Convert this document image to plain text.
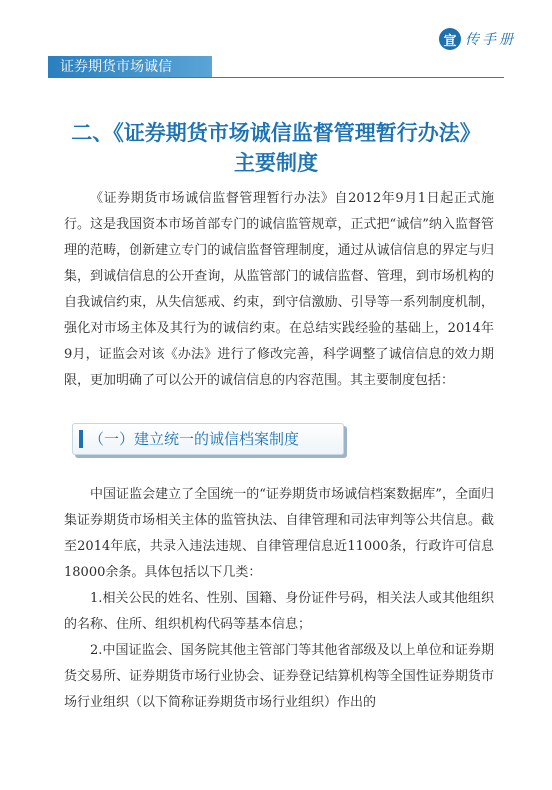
宣 传手册
证券期货市场诚信
二、《证券期货市场诚信监督管理暂行办法》
主要制度

《证券期货市场诚信监督管理暂行办法》自2012年9月1日起正式施行。这是我国资本市场首部专门的诚信监管规章，正式把“诚信”纳入监督管理的范畴，创新建立专门的诚信监督管理制度，通过从诚信信息的界定与归集，到诚信信息的公开查询，从监管部门的诚信监督、管理，到市场机构的自我诚信约束，从失信惩戒、约束，到守信激励、引导等一系列制度机制，强化对市场主体及其行为的诚信约束。在总结实践经验的基础上，2014年9月，证监会对该《办法》进行了修改完善，科学调整了诚信信息的效力期限，更加明确了可以公开的诚信信息的内容范围。其主要制度包括：

（一）建立统一的诚信档案制度

中国证监会建立了全国统一的“证券期货市场诚信档案数据库”，全面归集证券期货市场相关主体的监管执法、自律管理和司法审判等公共信息。截至2014年底，共录入违法违规、自律管理信息近11000条，行政许可信息18000余条。具体包括以下几类：

1.相关公民的姓名、性别、国籍、身份证件号码，相关法人或其他组织的名称、住所、组织机构代码等基本信息；

2.中国证监会、国务院其他主管部门等其他省部级及以上单位和证券期货交易所、证券期货市场行业协会、证券登记结算机构等全国性证券期货市场行业组织（以下简称证券期货市场行业组织）作出的
